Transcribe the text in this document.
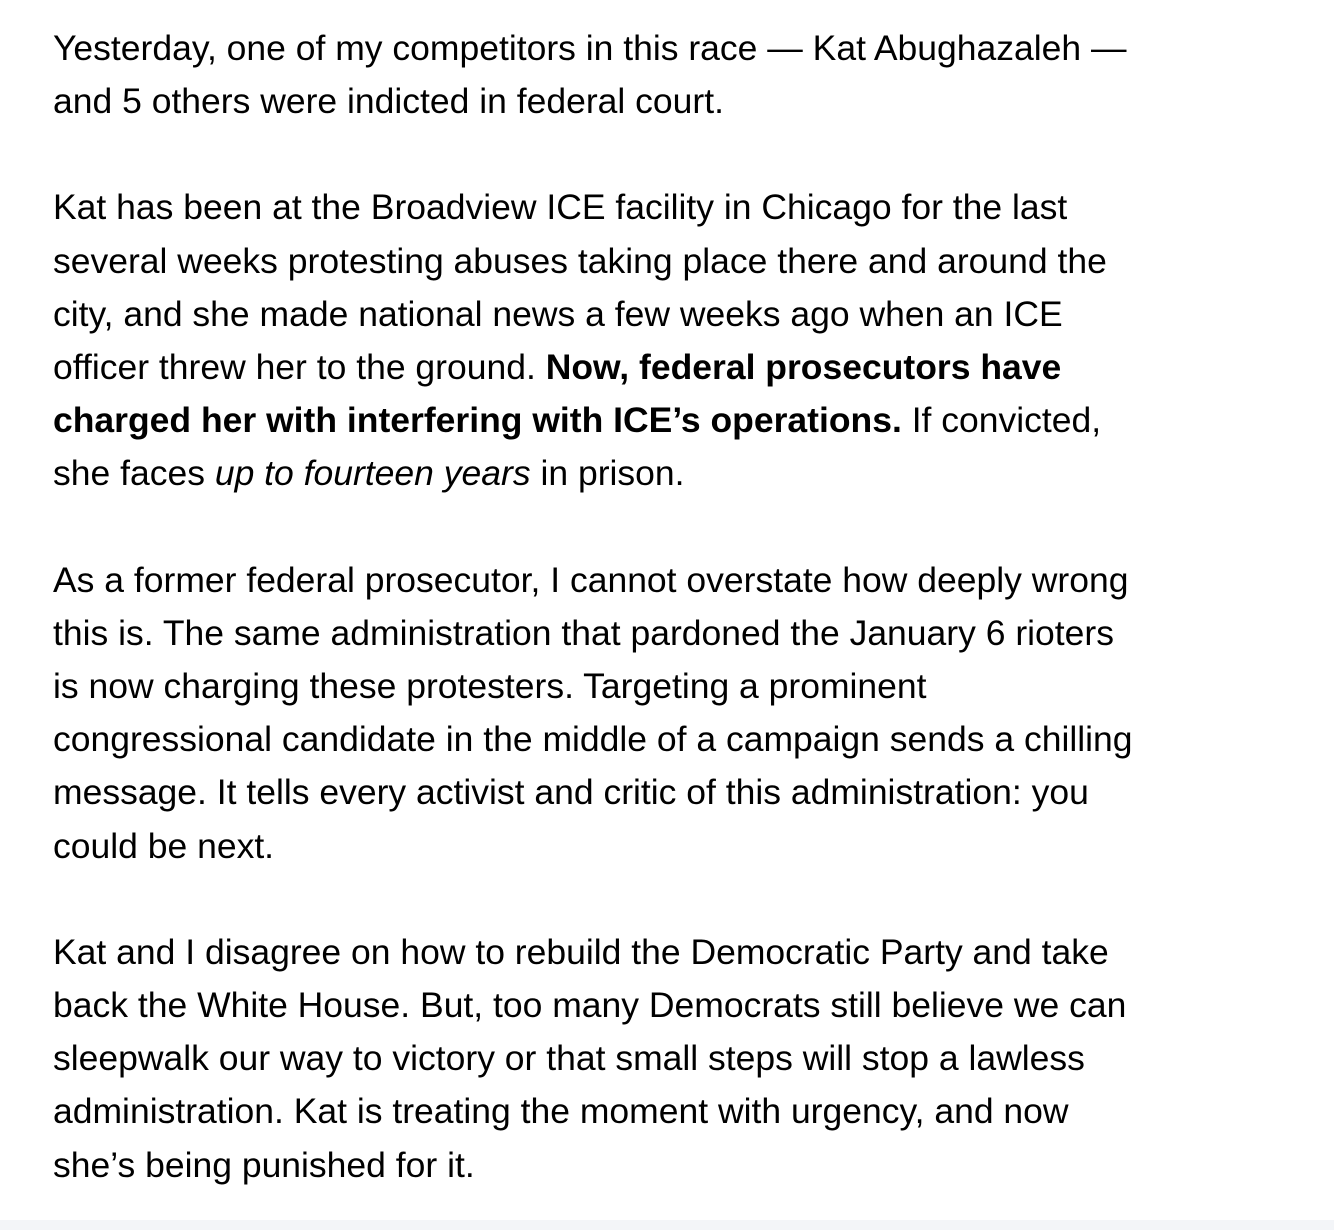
Yesterday, one of my competitors in this race — Kat Abughazaleh —
and 5 others were indicted in federal court.

Kat has been at the Broadview ICE facility in Chicago for the last
several weeks protesting abuses taking place there and around the
city, and she made national news a few weeks ago when an ICE
officer threw her to the ground. Now, federal prosecutors have
charged her with interfering with ICE’s operations. If convicted,
she faces up to fourteen years in prison.

As a former federal prosecutor, I cannot overstate how deeply wrong
this is. The same administration that pardoned the January 6 rioters
is now charging these protesters. Targeting a prominent
congressional candidate in the middle of a campaign sends a chilling
message. It tells every activist and critic of this administration: you
could be next.

Kat and I disagree on how to rebuild the Democratic Party and take
back the White House. But, too many Democrats still believe we can
sleepwalk our way to victory or that small steps will stop a lawless
administration. Kat is treating the moment with urgency, and now
she’s being punished for it.
